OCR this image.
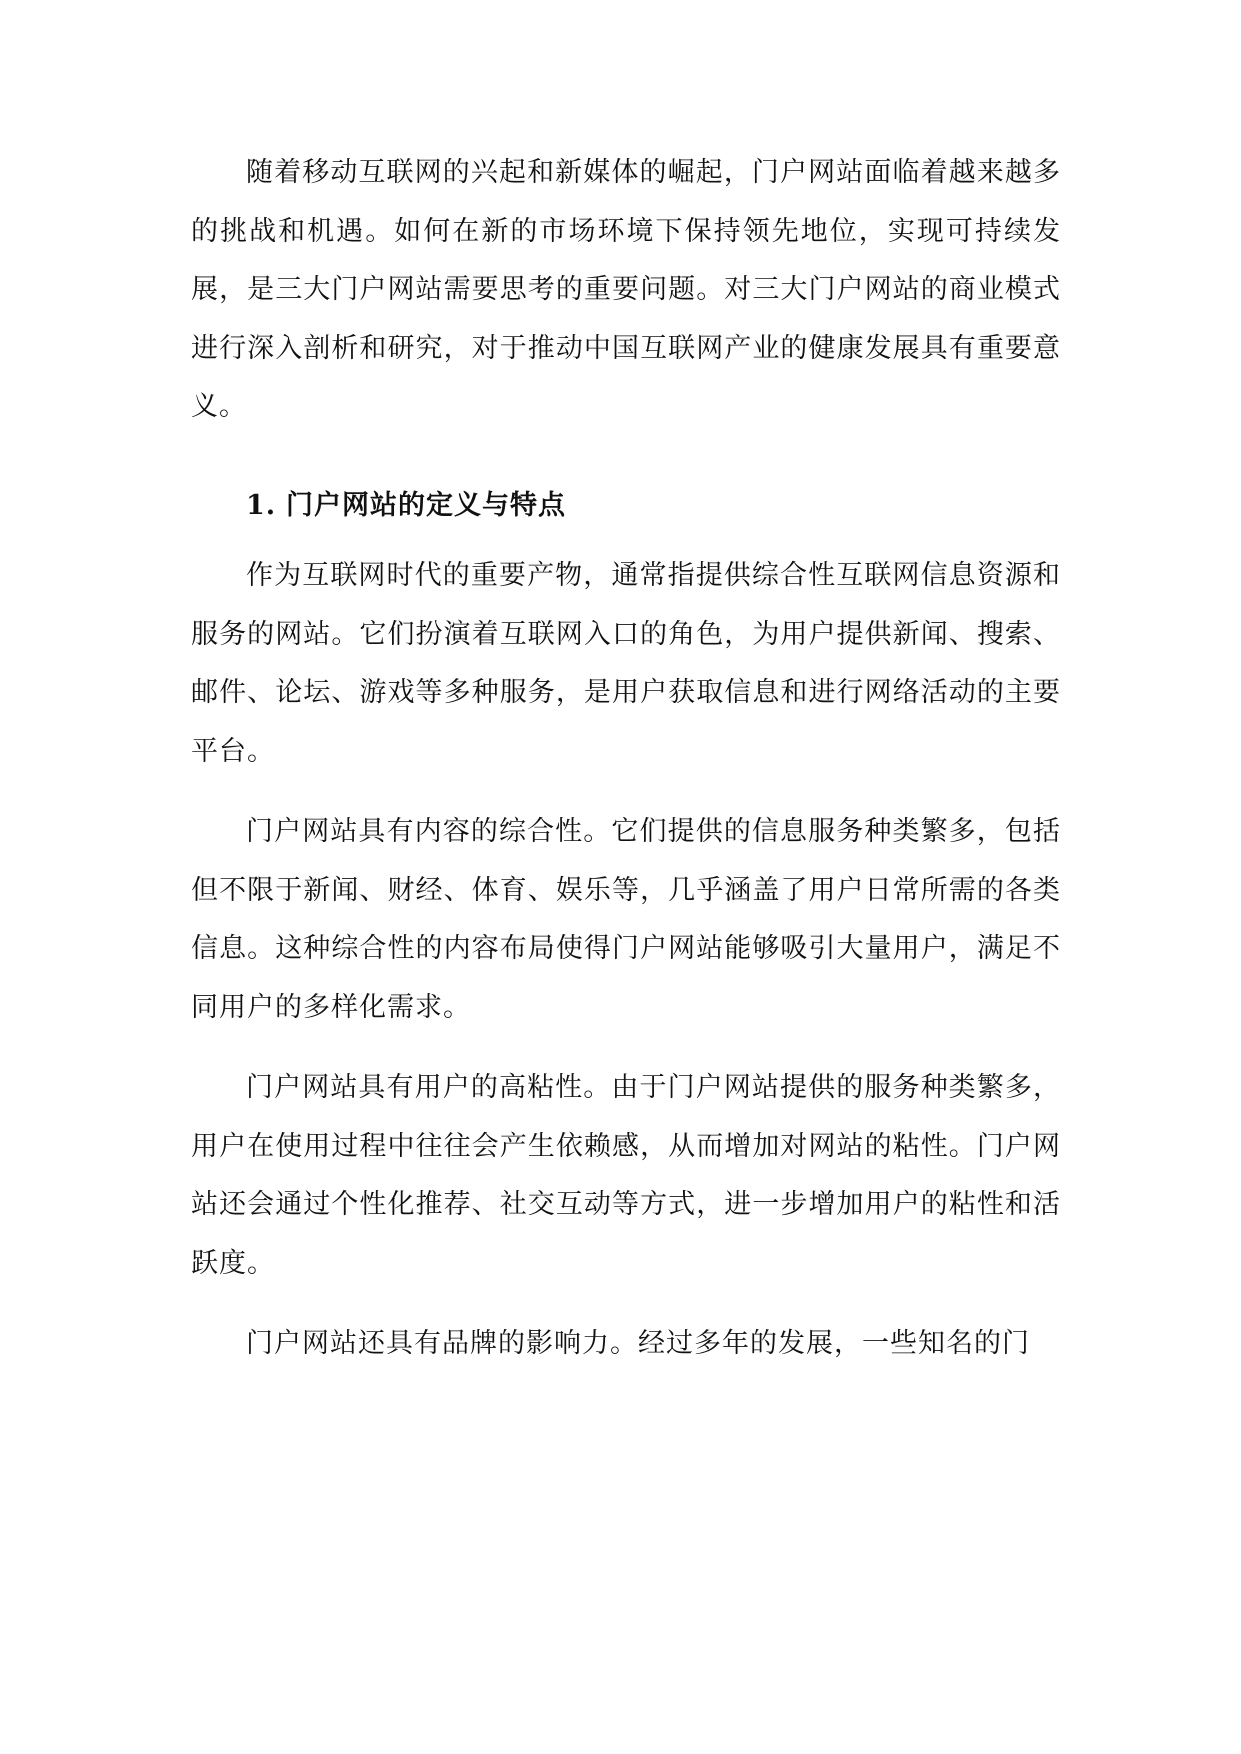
随着移动互联网的兴起和新媒体的崛起，门户网站面临着越来越多的挑战和机遇。如何在新的市场环境下保持领先地位，实现可持续发展，是三大门户网站需要思考的重要问题。对三大门户网站的商业模式进行深入剖析和研究，对于推动中国互联网产业的健康发展具有重要意义。

1. 门户网站的定义与特点

作为互联网时代的重要产物，通常指提供综合性互联网信息资源和服务的网站。它们扮演着互联网入口的角色，为用户提供新闻、搜索、邮件、论坛、游戏等多种服务，是用户获取信息和进行网络活动的主要平台。

门户网站具有内容的综合性。它们提供的信息服务种类繁多，包括但不限于新闻、财经、体育、娱乐等，几乎涵盖了用户日常所需的各类信息。这种综合性的内容布局使得门户网站能够吸引大量用户，满足不同用户的多样化需求。

门户网站具有用户的高粘性。由于门户网站提供的服务种类繁多，用户在使用过程中往往会产生依赖感，从而增加对网站的粘性。门户网站还会通过个性化推荐、社交互动等方式，进一步增加用户的粘性和活跃度。

门户网站还具有品牌的影响力。经过多年的发展，一些知名的门
